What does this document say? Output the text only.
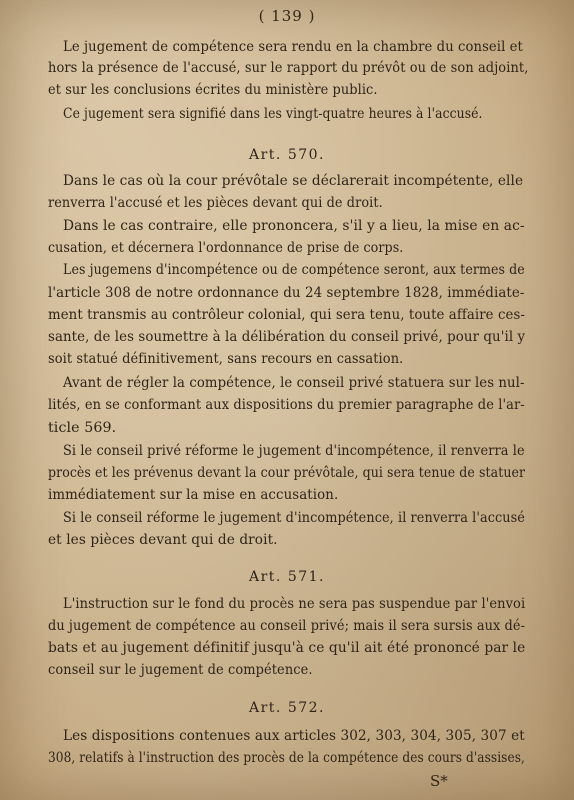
( 139 )
Le jugement de compétence sera rendu en la chambre du conseil et
hors la présence de l'accusé, sur le rapport du prévôt ou de son adjoint,
et sur les conclusions écrites du ministère public.
Ce jugement sera signifié dans les vingt-quatre heures à l'accusé.
Art. 570.
Dans le cas où la cour prévôtale se déclarerait incompétente, elle
renverra l'accusé et les pièces devant qui de droit.
Dans le cas contraire, elle prononcera, s'il y a lieu, la mise en ac-
cusation, et décernera l'ordonnance de prise de corps.
Les jugemens d'incompétence ou de compétence seront, aux termes de
l'article 308 de notre ordonnance du 24 septembre 1828, immédiate-
ment transmis au contrôleur colonial, qui sera tenu, toute affaire ces-
sante, de les soumettre à la délibération du conseil privé, pour qu'il y
soit statué définitivement, sans recours en cassation.
Avant de régler la compétence, le conseil privé statuera sur les nul-
lités, en se conformant aux dispositions du premier paragraphe de l'ar-
ticle 569.
Si le conseil privé réforme le jugement d'incompétence, il renverra le
procès et les prévenus devant la cour prévôtale, qui sera tenue de statuer
immédiatement sur la mise en accusation.
Si le conseil réforme le jugement d'incompétence, il renverra l'accusé
et les pièces devant qui de droit.
Art. 571.
L'instruction sur le fond du procès ne sera pas suspendue par l'envoi
du jugement de compétence au conseil privé; mais il sera sursis aux dé-
bats et au jugement définitif jusqu'à ce qu'il ait été prononcé par le
conseil sur le jugement de compétence.
Art. 572.
Les dispositions contenues aux articles 302, 303, 304, 305, 307 et
308, relatifs à l'instruction des procès de la compétence des cours d'assises,
S*
